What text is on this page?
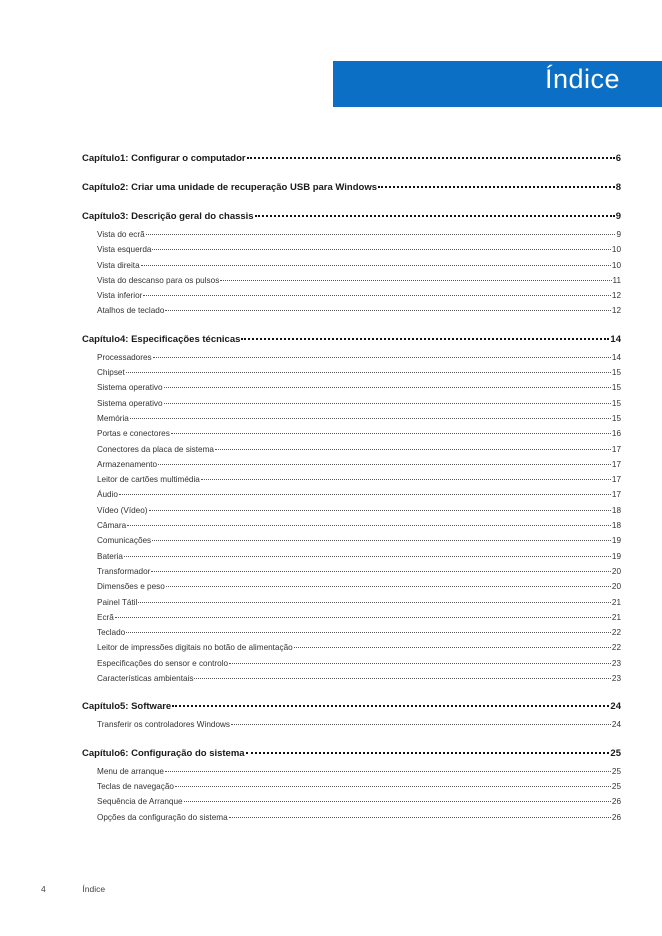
Índice
Capítulo1: Configurar o computador	6
Capítulo2: Criar uma unidade de recuperação USB para Windows	8
Capítulo3: Descrição geral do chassis	9
Vista do ecrã	9
Vista esquerda	10
Vista direita	10
Vista do descanso para os pulsos	11
Vista inferior	12
Atalhos de teclado	12
Capítulo4: Especificações técnicas	14
Processadores	14
Chipset	15
Sistema operativo	15
Sistema operativo	15
Memória	15
Portas e conectores	16
Conectores da placa de sistema	17
Armazenamento	17
Leitor de cartões multimédia	17
Áudio	17
Vídeo (Vídeo)	18
Câmara	18
Comunicações	19
Bateria	19
Transformador	20
Dimensões e peso	20
Painel Tátil	21
Ecrã	21
Teclado	22
Leitor de impressões digitais no botão de alimentação	22
Especificações do sensor e controlo	23
Características ambientais	23
Capítulo5: Software	24
Transferir os controladores Windows	24
Capítulo6: Configuração do sistema	25
Menu de arranque	25
Teclas de navegação	25
Sequência de Arranque	26
Opções da configuração do sistema	26
4	Índice
